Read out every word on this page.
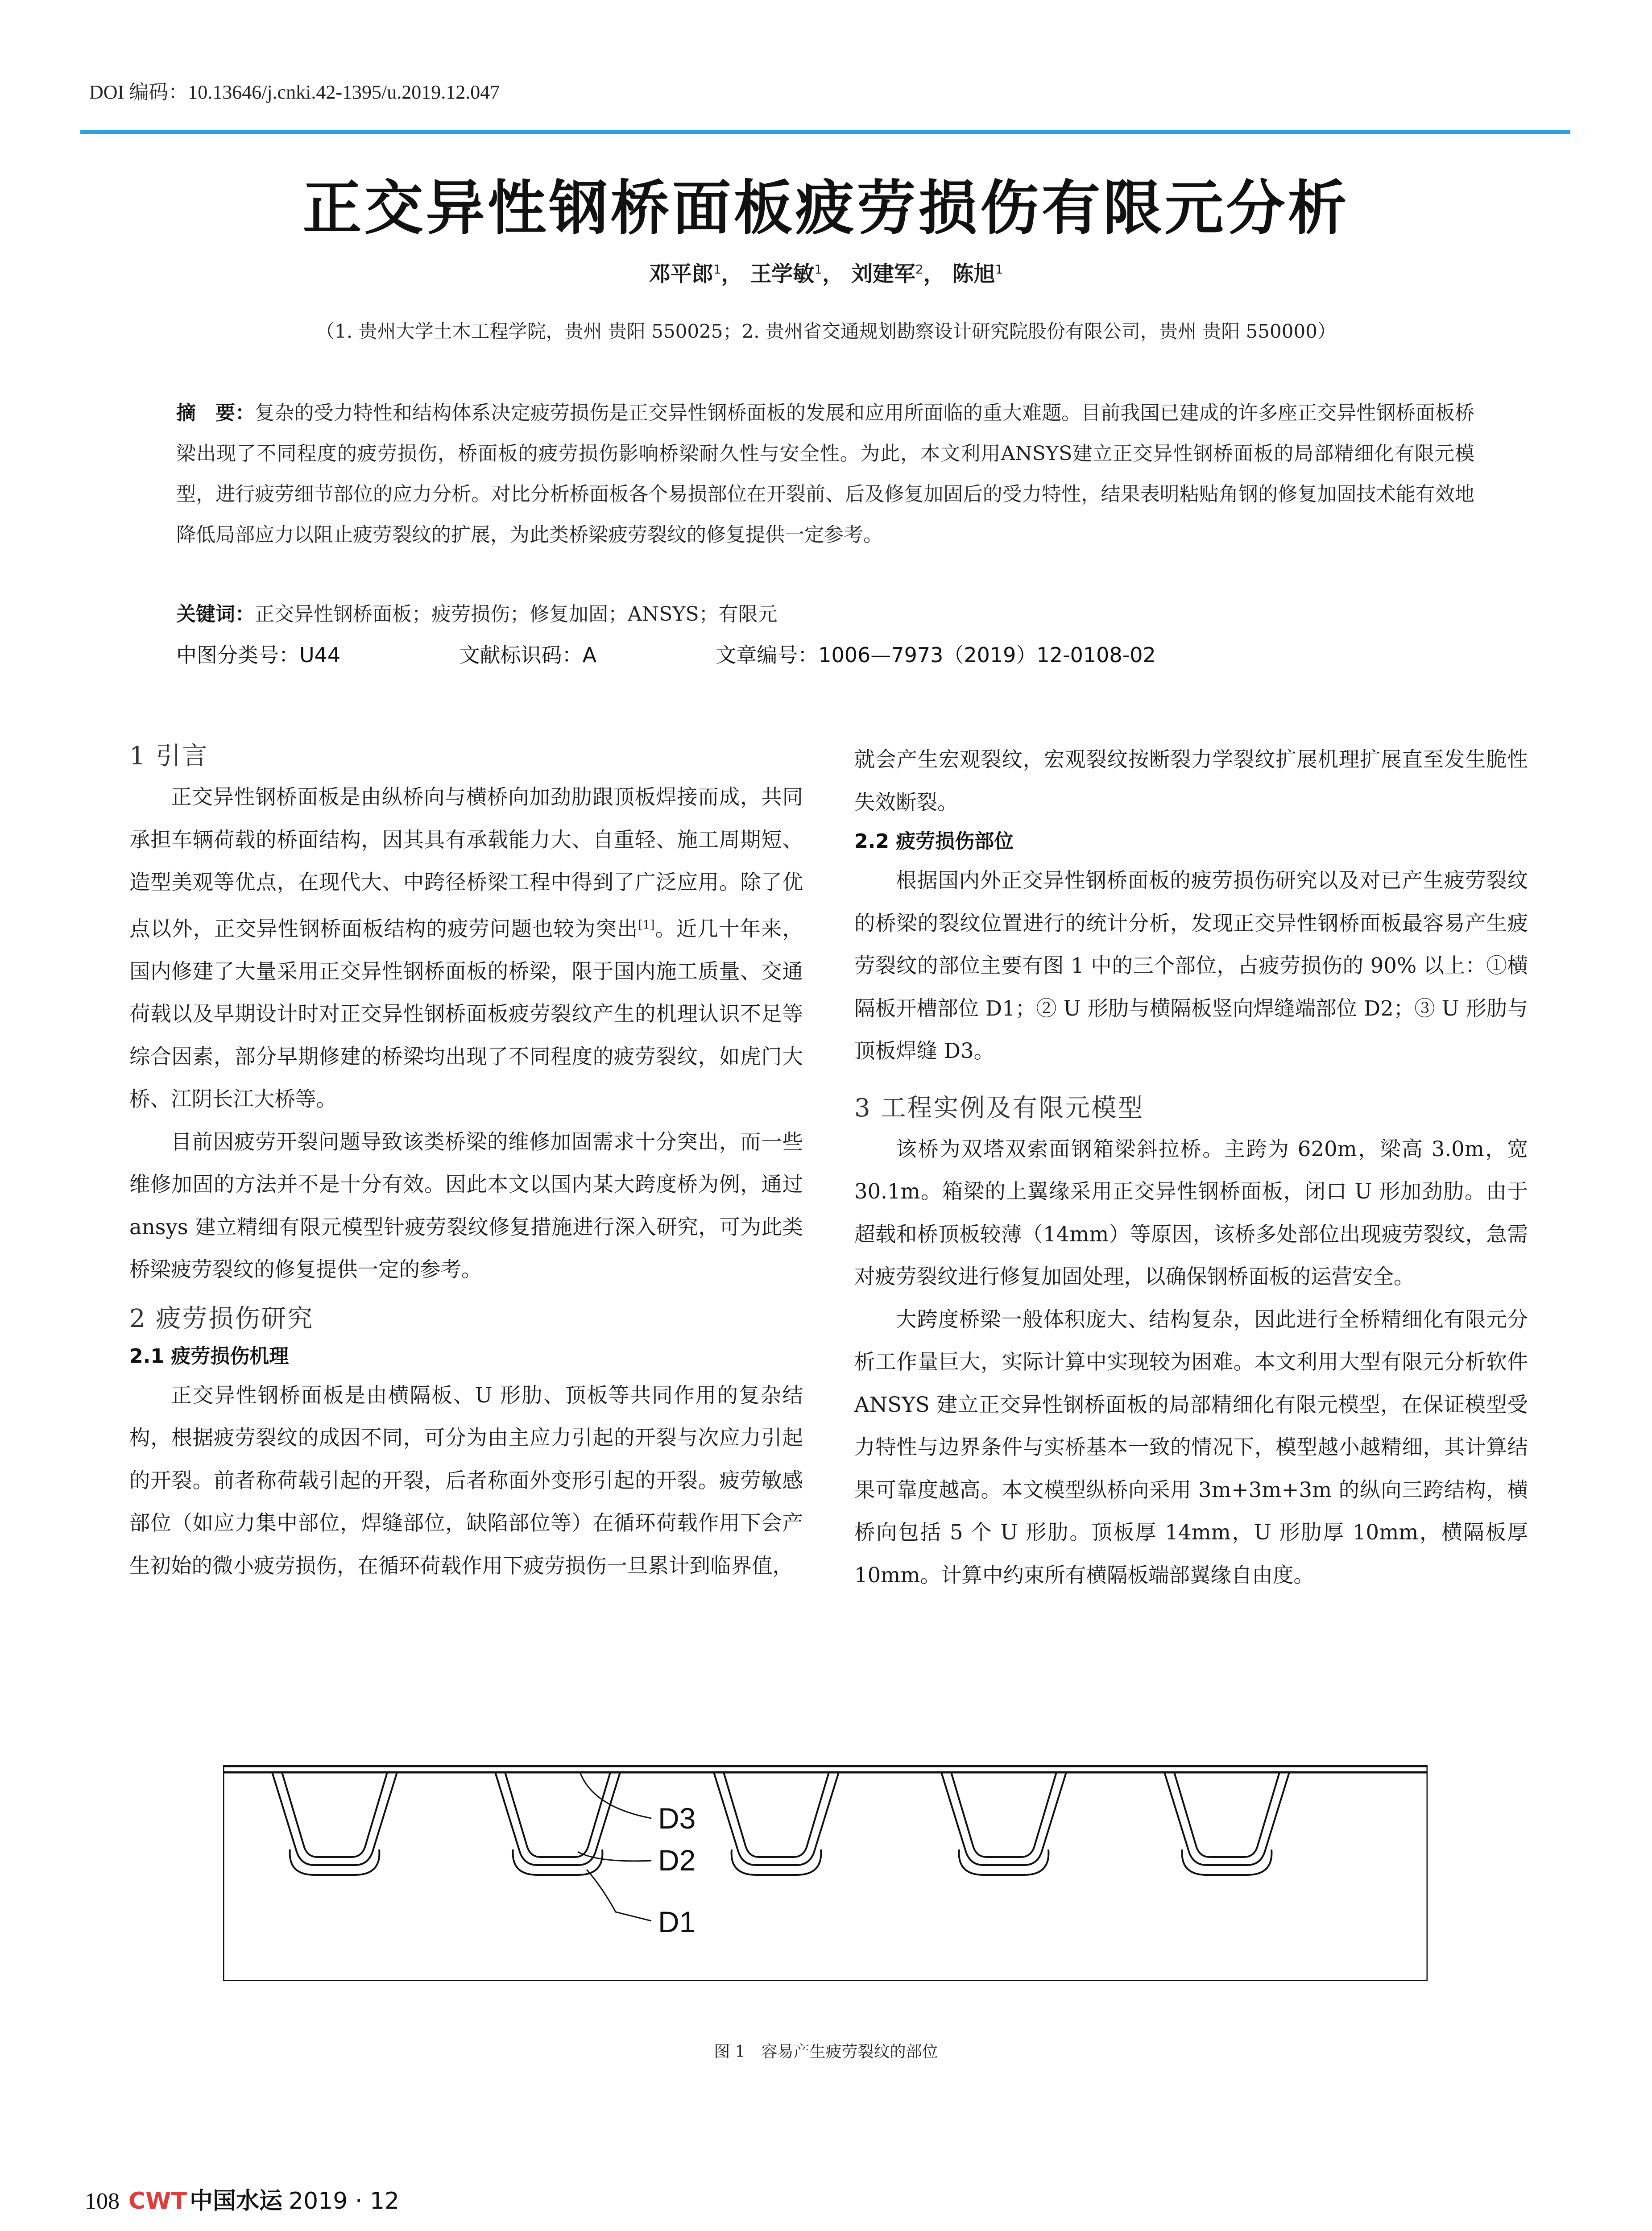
DOI 编码：10.13646/j.cnki.42-1395/u.2019.12.047
正交异性钢桥面板疲劳损伤有限元分析
邓平郎$^1$， 王学敏$^1$， 刘建军$^2$， 陈旭$^1$
（1. 贵州大学土木工程学院，贵州 贵阳 550025；2. 贵州省交通规划勘察设计研究院股份有限公司，贵州 贵阳 550000）
摘　要：复杂的受力特性和结构体系决定疲劳损伤是正交异性钢桥面板的发展和应用所面临的重大难题。目前我国已建成的许多座正交异性钢桥面板桥梁出现了不同程度的疲劳损伤，桥面板的疲劳损伤影响桥梁耐久性与安全性。为此，本文利用ANSYS建立正交异性钢桥面板的局部精细化有限元模型，进行疲劳细节部位的应力分析。对比分析桥面板各个易损部位在开裂前、后及修复加固后的受力特性，结果表明粘贴角钢的修复加固技术能有效地降低局部应力以阻止疲劳裂纹的扩展，为此类桥梁疲劳裂纹的修复提供一定参考。
关键词：正交异性钢桥面板；疲劳损伤；修复加固；ANSYS；有限元
中图分类号：U44	文献标识码：A	文章编号：1006—7973（2019）12-0108-02
1 引言

正交异性钢桥面板是由纵桥向与横桥向加劲肋跟顶板焊接而成，共同承担车辆荷载的桥面结构，因其具有承载能力大、自重轻、施工周期短、造型美观等优点，在现代大、中跨径桥梁工程中得到了广泛应用。除了优点以外，正交异性钢桥面板结构的疲劳问题也较为突出[1]。近几十年来，国内修建了大量采用正交异性钢桥面板的桥梁，限于国内施工质量、交通荷载以及早期设计时对正交异性钢桥面板疲劳裂纹产生的机理认识不足等综合因素，部分早期修建的桥梁均出现了不同程度的疲劳裂纹，如虎门大桥、江阴长江大桥等。

目前因疲劳开裂问题导致该类桥梁的维修加固需求十分突出，而一些维修加固的方法并不是十分有效。因此本文以国内某大跨度桥为例，通过 ansys 建立精细有限元模型针疲劳裂纹修复措施进行深入研究，可为此类桥梁疲劳裂纹的修复提供一定的参考。

2 疲劳损伤研究
2.1 疲劳损伤机理

正交异性钢桥面板是由横隔板、U 形肋、顶板等共同作用的复杂结构，根据疲劳裂纹的成因不同，可分为由主应力引起的开裂与次应力引起的开裂。前者称荷载引起的开裂，后者称面外变形引起的开裂。疲劳敏感部位（如应力集中部位，焊缝部位，缺陷部位等）在循环荷载作用下会产生初始的微小疲劳损伤，在循环荷载作用下疲劳损伤一旦累计到临界值，

就会产生宏观裂纹，宏观裂纹按断裂力学裂纹扩展机理扩展直至发生脆性失效断裂。

2.2 疲劳损伤部位

根据国内外正交异性钢桥面板的疲劳损伤研究以及对已产生疲劳裂纹的桥梁的裂纹位置进行的统计分析，发现正交异性钢桥面板最容易产生疲劳裂纹的部位主要有图 1 中的三个部位，占疲劳损伤的 90% 以上：①横隔板开槽部位 D1；② U 形肋与横隔板竖向焊缝端部位 D2；③ U 形肋与顶板焊缝 D3。

3 工程实例及有限元模型

该桥为双塔双索面钢箱梁斜拉桥。主跨为 620m，梁高 3.0m，宽 30.1m。箱梁的上翼缘采用正交异性钢桥面板，闭口 U 形加劲肋。由于超载和桥顶板较薄（14mm）等原因，该桥多处部位出现疲劳裂纹，急需对疲劳裂纹进行修复加固处理，以确保钢桥面板的运营安全。

大跨度桥梁一般体积庞大、结构复杂，因此进行全桥精细化有限元分析工作量巨大，实际计算中实现较为困难。本文利用大型有限元分析软件 ANSYS 建立正交异性钢桥面板的局部精细化有限元模型，在保证模型受力特性与边界条件与实桥基本一致的情况下，模型越小越精细，其计算结果可靠度越高。本文模型纵桥向采用 3m+3m+3m 的纵向三跨结构，横桥向包括 5 个 U 形肋。顶板厚 14mm，U 形肋厚 10mm，横隔板厚 10mm。计算中约束所有横隔板端部翼缘自由度。

D3
D2
D1
图 1　容易产生疲劳裂纹的部位
108 CWT 中国水运 2019 · 12
